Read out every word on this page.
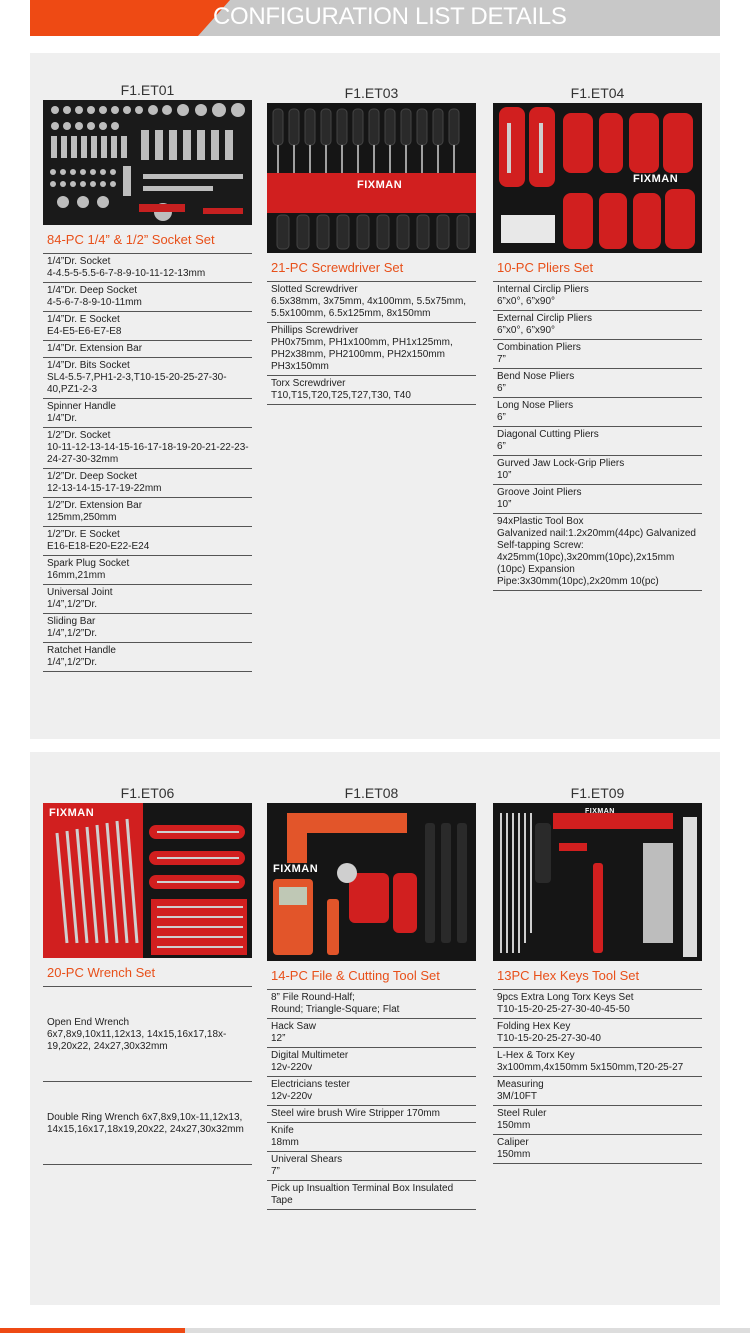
CONFIGURATION LIST DETAILS
F1.ET01
84-PC 1/4” & 1/2” Socket Set
1/4”Dr. Socket
4-4.5-5-5.5-6-7-8-9-10-11-12-13mm
1/4”Dr. Deep Socket
4-5-6-7-8-9-10-11mm
1/4”Dr. E Socket
E4-E5-E6-E7-E8
1/4”Dr. Extension Bar
1/4”Dr. Bits Socket
SL4-5.5-7,PH1-2-3,T10-15-20-25-27-30-40,PZ1-2-3
Spinner Handle
1/4”Dr.
1/2”Dr. Socket
10-11-12-13-14-15-16-17-18-19-20-21-22-23-24-27-30-32mm
1/2”Dr. Deep Socket
12-13-14-15-17-19-22mm
1/2”Dr. Extension Bar
125mm,250mm
1/2”Dr. E Socket
E16-E18-E20-E22-E24
Spark Plug Socket
16mm,21mm
Universal Joint
1/4”,1/2”Dr.
Sliding Bar
1/4”,1/2”Dr.
Ratchet Handle
1/4”,1/2”Dr.
F1.ET03
FIXMAN
21-PC Screwdriver Set
Slotted Screwdriver
6.5x38mm, 3x75mm, 4x100mm, 5.5x75mm, 5.5x100mm, 6.5x125mm, 8x150mm
Phillips Screwdriver
PH0x75mm, PH1x100mm, PH1x125mm, PH2x38mm, PH2100mm, PH2x150mm PH3x150mm
Torx Screwdriver
T10,T15,T20,T25,T27,T30, T40
F1.ET04
FIXMAN
10-PC Pliers Set
Internal Circlip Pliers
6”x0°, 6”x90°
External Circlip Pliers
6”x0°, 6”x90°
Combination Pliers
7”
Bend Nose Pliers
6”
Long Nose Pliers
6”
Diagonal Cutting Pliers
6”
Gurved Jaw Lock-Grip Pliers
10”
Groove Joint Pliers
10”
94xPlastic Tool Box
Galvanized nail:1.2x20mm(44pc) Galvanized Self-tapping Screw: 4x25mm(10pc),3x20mm(10pc),2x15mm (10pc) Expansion Pipe:3x30mm(10pc),2x20mm 10(pc)
F1.ET06
FIXMAN
20-PC Wrench Set
Open End Wrench
6x7,8x9,10x11,12x13, 14x15,16x17,18x-19,20x22, 24x27,30x32mm
Double Ring Wrench 6x7,8x9,10x-11,12x13, 14x15,16x17,18x19,20x22, 24x27,30x32mm
F1.ET08
FIXMAN
14-PC File & Cutting Tool Set
8” File Round-Half;
Round; Triangle-Square; Flat
Hack Saw
12”
Digital Multimeter
12v-220v
Electricians tester
12v-220v
Steel wire brush Wire Stripper 170mm
Knife
18mm
Univeral Shears
7”
Pick up Insualtion Terminal Box Insulated Tape
F1.ET09
FIXMAN
13PC Hex Keys Tool Set
9pcs Extra Long Torx Keys Set
T10-15-20-25-27-30-40-45-50
Folding Hex Key
T10-15-20-25-27-30-40
L-Hex & Torx Key
3x100mm,4x150mm 5x150mm,T20-25-27
Measuring
3M/10FT
Steel Ruler
150mm
Caliper
150mm
